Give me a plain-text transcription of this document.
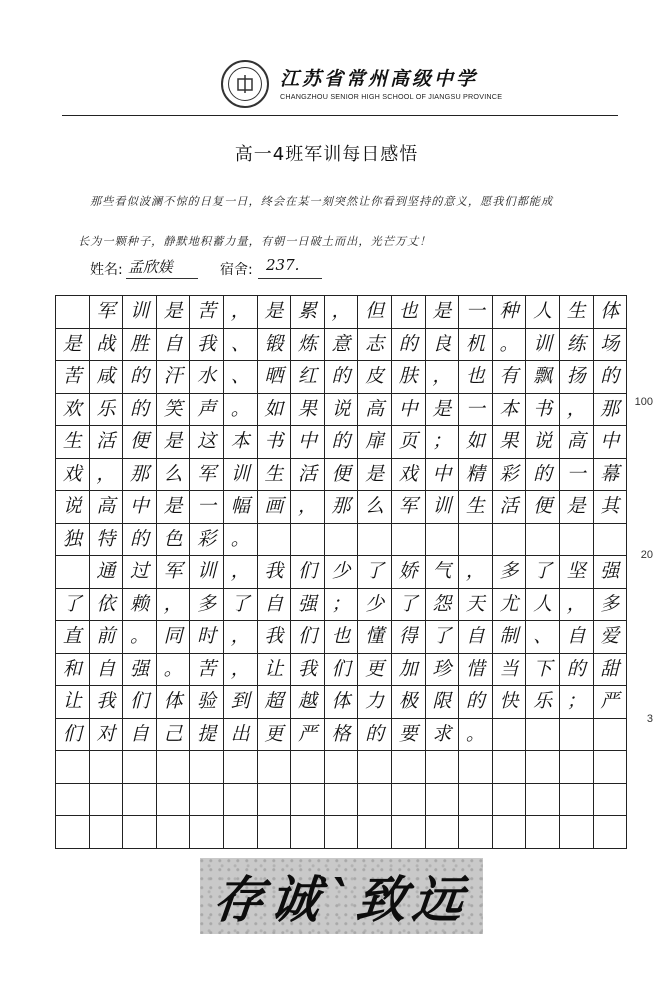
江苏省常州高级中学
CHANGZHOU SENIOR HIGH SCHOOL OF JIANGSU PROVINCE
高一4班军训每日感悟
那些看似波澜不惊的日复一日，终会在某一刻突然让你看到坚持的意义，愿我们都能成
长为一颗种子，静默地积蓄力量，有朝一日破土而出，光芒万丈！
姓名: 孟欣媄	宿舍: 237.
军 训 是 苦 ， 是 累 ， 但 也 是 一 种 人 生 体
是 战 胜 自 我 、 锻 炼 意 志 的 良 机 。 训 练 场
苦 咸 的 汗 水 、 晒 红 的 皮 肤 ， 也 有 飘 扬 的
欢 乐 的 笑 声 。 如 果 说 高 中 是 一 本 书 ， 那
生 活 便 是 这 本 书 中 的 扉 页 ； 如 果 说 高 中
戏 ， 那 么 军 训 生 活 便 是 戏 中 精 彩 的 一 幕
说 高 中 是 一 幅 画 ， 那 么 军 训 生 活 便 是 其
独 特 的 色 彩 。
通 过 军 训 ， 我 们 少 了 娇 气 ， 多 了 坚 强
了 依 赖 ， 多 了 自 强 ； 少 了 怨 天 尤 人 ， 多
直 前 。 同 时 ， 我 们 也 懂 得 了 自 制 、 自 爱
和 自 强 。 苦 ， 让 我 们 更 加 珍 惜 当 下 的 甜
让 我 们 体 验 到 超 越 体 力 极 限 的 快 乐 ； 严
们 对 自 己 提 出 更 严 格 的 要 求 。
100
20
3
存诚`致远
